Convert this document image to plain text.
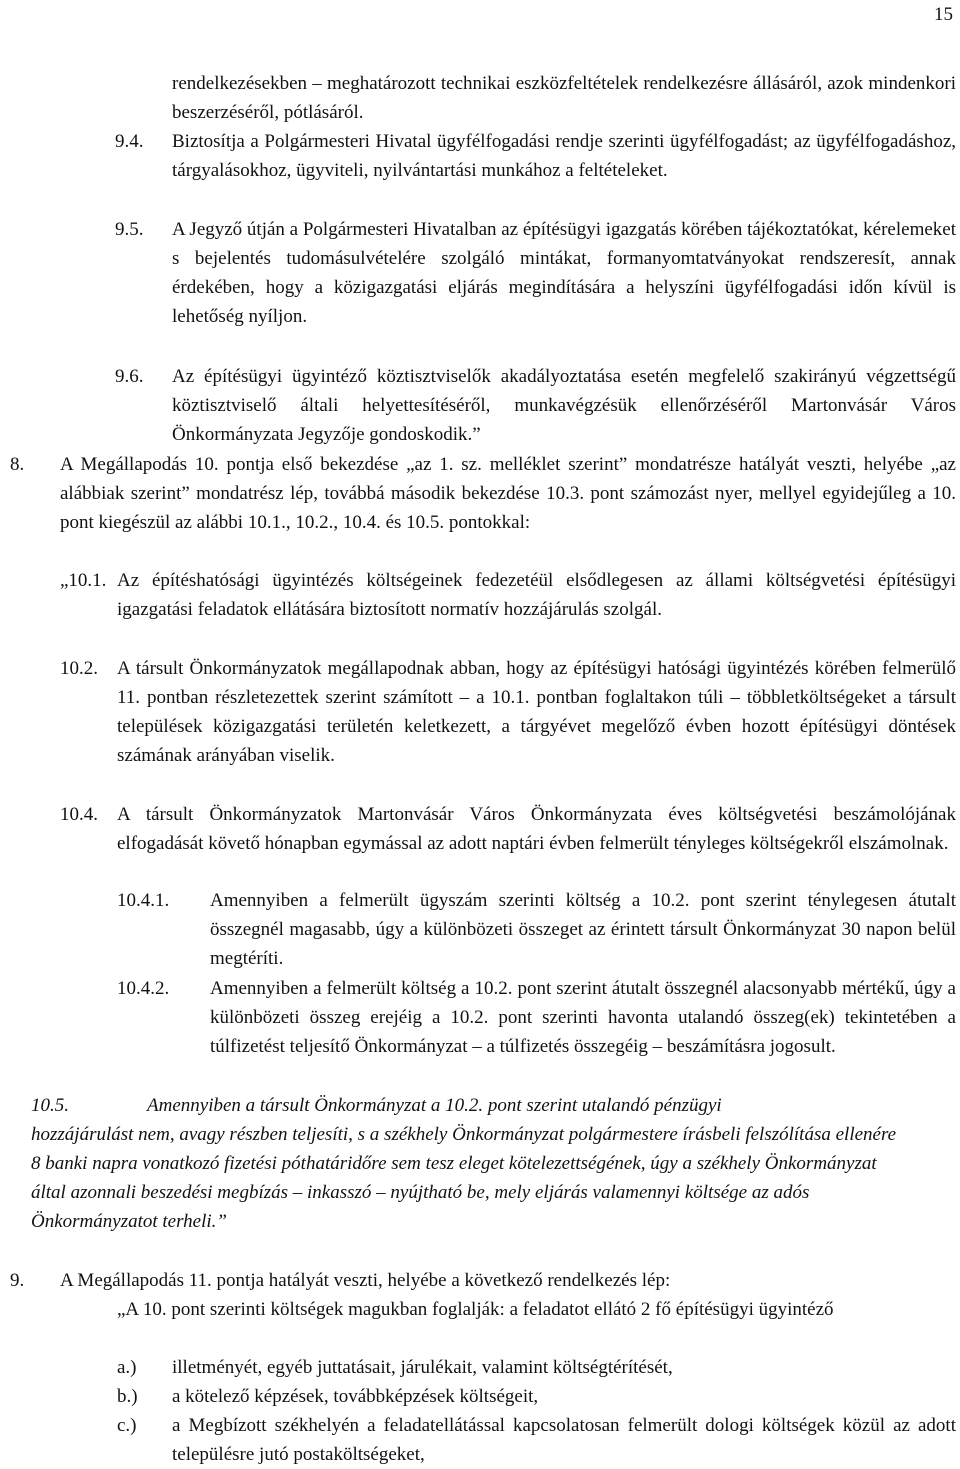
15
rendelkezésekben – meghatározott technikai eszközfeltételek rendelkezésre állásáról, azok mindenkori beszerzéséről, pótlásáról.
9.4. Biztosítja a Polgármesteri Hivatal ügyfélfogadási rendje szerinti ügyfélfogadást; az ügyfélfogadáshoz, tárgyalásokhoz, ügyviteli, nyilvántartási munkához a feltételeket.
9.5. A Jegyző útján a Polgármesteri Hivatalban az építésügyi igazgatás körében tájékoztatókat, kérelemeket s bejelentés tudomásulvételére szolgáló mintákat, formanyomtatványokat rendszeresít, annak érdekében, hogy a közigazgatási eljárás megindítására a helyszíni ügyfélfogadási időn kívül is lehetőség nyíljon.
9.6. Az építésügyi ügyintéző köztisztviselők akadályoztatása esetén megfelelő szakirányú végzettségű köztisztviselő általi helyettesítéséről, munkavégzésük ellenőrzéséről Martonvásár Város Önkormányzata Jegyzője gondoskodik.”
8. A Megállapodás 10. pontja első bekezdése „az 1. sz. melléklet szerint” mondatrésze hatályát veszti, helyébe „az alábbiak szerint” mondatrész lép, továbbá második bekezdése 10.3. pont számozást nyer, mellyel egyidejűleg a 10. pont kiegészül az alábbi 10.1., 10.2., 10.4. és 10.5. pontokkal:
„10.1. Az építéshatósági ügyintézés költségeinek fedezetéül elsődlegesen az állami költségvetési építésügyi igazgatási feladatok ellátására biztosított normatív hozzájárulás szolgál.
10.2. A társult Önkormányzatok megállapodnak abban, hogy az építésügyi hatósági ügyintézés körében felmerülő 11. pontban részletezettek szerint számított – a 10.1. pontban foglaltakon túli – többletköltségeket a társult települések közigazgatási területén keletkezett, a tárgyévet megelőző évben hozott építésügyi döntések számának arányában viselik.
10.4. A társult Önkormányzatok Martonvásár Város Önkormányzata éves költségvetési beszámolójának elfogadását követő hónapban egymással az adott naptári évben felmerült tényleges költségekről elszámolnak.
10.4.1. Amennyiben a felmerült ügyszám szerinti költség a 10.2. pont szerint ténylegesen átutalt összegnél magasabb, úgy a különbözeti összeget az érintett társult Önkormányzat 30 napon belül megtéríti.
10.4.2. Amennyiben a felmerült költség a 10.2. pont szerint átutalt összegnél alacsonyabb mértékű, úgy a különbözeti összeg erejéig a 10.2. pont szerinti havonta utalandó összeg(ek) tekintetében a túlfizetést teljesítő Önkormányzat – a túlfizetés összegéig – beszámításra jogosult.
10.5.	Amennyiben a társult Önkormányzat a 10.2. pont szerint utalandó pénzügyi
hozzájárulást nem, avagy részben teljesíti, s a székhely Önkormányzat polgármestere írásbeli felszólítása ellenére 8 banki napra vonatkozó fizetési póthatáridőre sem tesz eleget kötelezettségének, úgy a székhely Önkormányzat által azonnali beszedési megbízás – inkasszó – nyújtható be, mely eljárás valamennyi költsége az adós Önkormányzatot terheli.”
9. A Megállapodás 11. pontja hatályát veszti, helyébe a következő rendelkezés lép:
„A 10. pont szerinti költségek magukban foglalják: a feladatot ellátó 2 fő építésügyi ügyintéző
a.) illetményét, egyéb juttatásait, járulékait, valamint költségtérítését,
b.) a kötelező képzések, továbbképzések költségeit,
c.) a Megbízott székhelyén a feladatellátással kapcsolatosan felmerült dologi költségek közül az adott településre jutó postaköltségeket,
